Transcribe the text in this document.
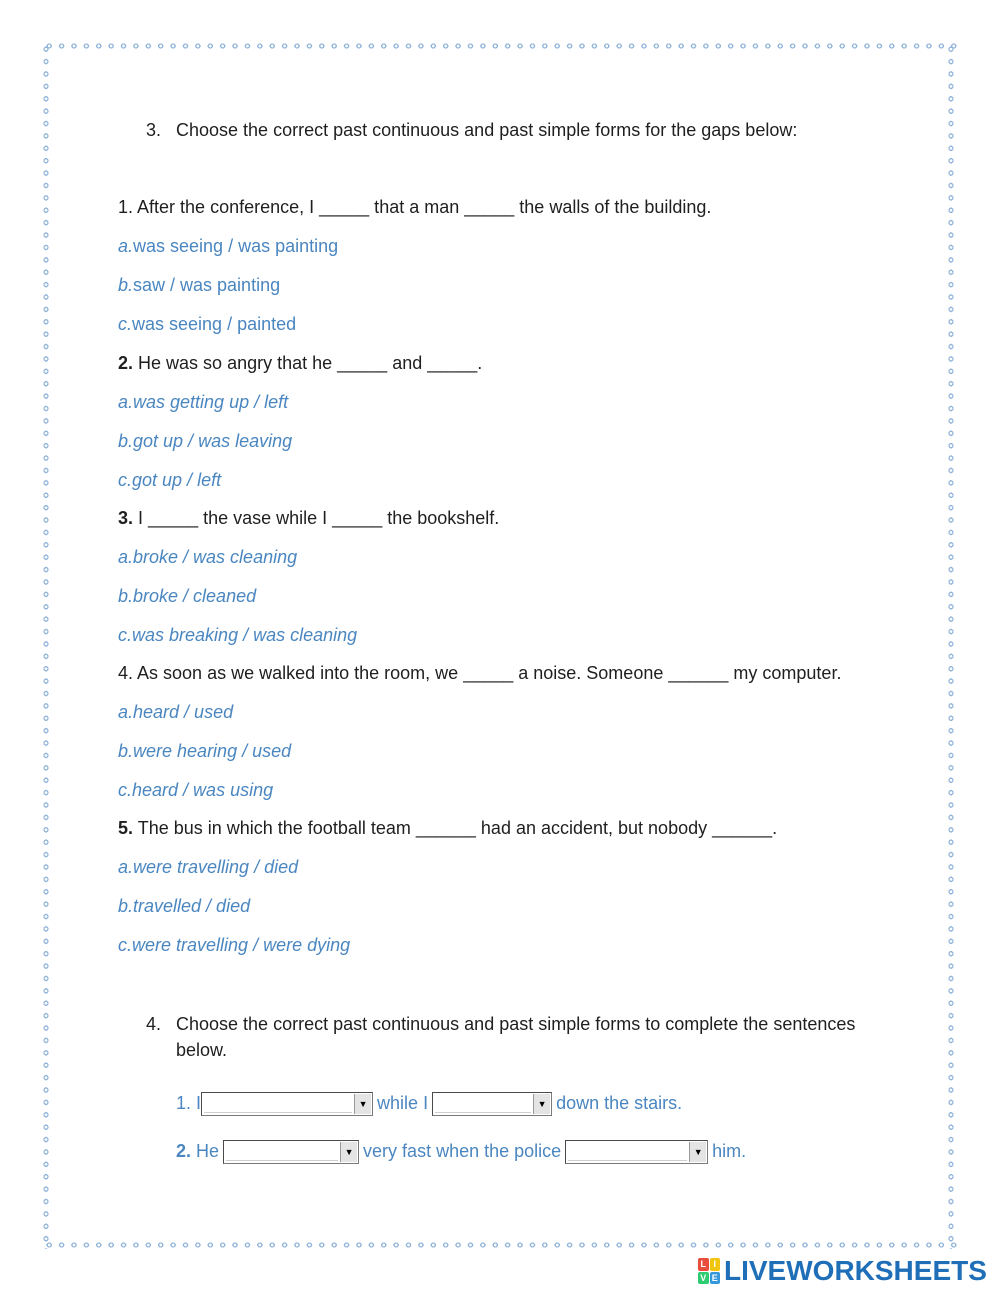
3. Choose the correct past continuous and past simple forms for the gaps below:
1. After the conference, I _____ that a man _____ the walls of the building.
a.was seeing / was painting
b.saw / was painting
c.was seeing / painted
2. He was so angry that he _____ and _____.
a.was getting up / left
b.got up / was leaving
c.got up / left
3. I _____ the vase while I _____ the bookshelf.
a.broke / was cleaning
b.broke / cleaned
c.was breaking / was cleaning
4. As soon as we walked into the room, we _____ a noise. Someone ______ my computer.
a.heard / used
b.were hearing / used
c.heard / was using
5. The bus in which the football team ______ had an accident, but nobody ______.
a.were travelling / died
b.travelled / died
c.were travelling / were dying
4. Choose the correct past continuous and past simple forms to complete the sentences below.
1. I	▼ while I	▼ down the stairs.
2. He	▼ very fast when the police	▼ him.
L I
V E LIVEWORKSHEETS
